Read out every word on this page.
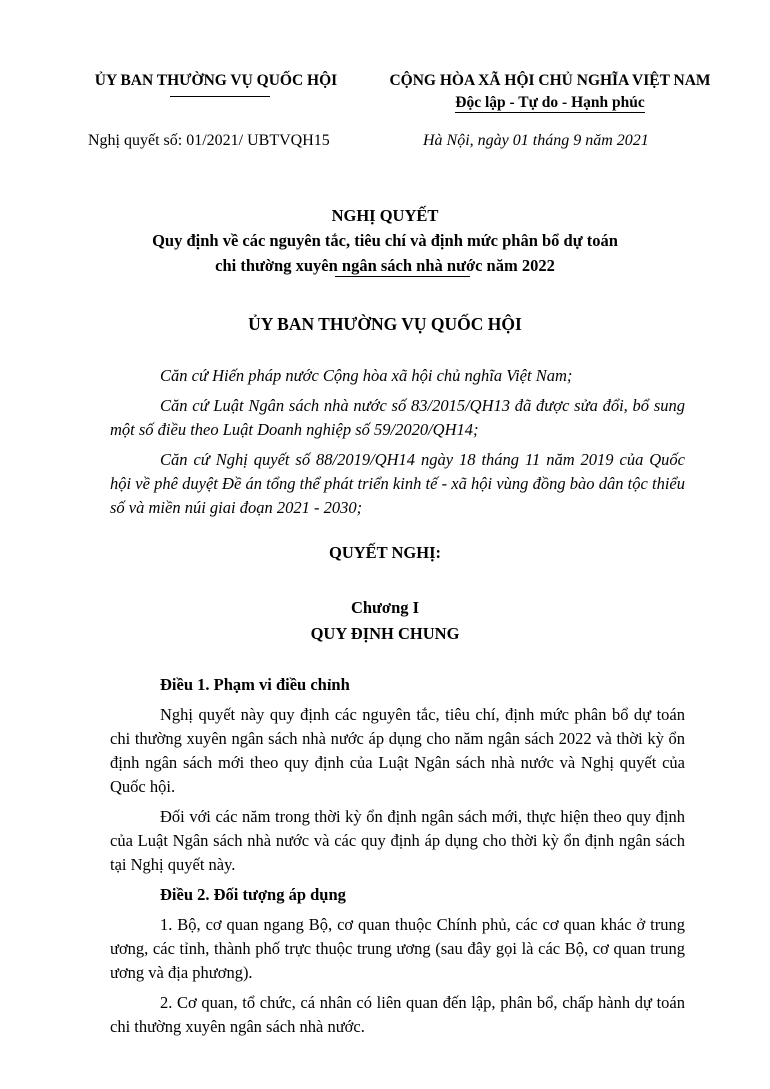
ỦY BAN THƯỜNG VỤ QUỐC HỘI	CỘNG HÒA XÃ HỘI CHỦ NGHĨA VIỆT NAM
Độc lập - Tự do - Hạnh phúc
Nghị quyết số: 01/2021/ UBTVQH15	Hà Nội, ngày 01 tháng 9 năm 2021
NGHỊ QUYẾT
Quy định về các nguyên tắc, tiêu chí và định mức phân bổ dự toán
chi thường xuyên ngân sách nhà nước năm 2022
ỦY BAN THƯỜNG VỤ QUỐC HỘI

Căn cứ Hiến pháp nước Cộng hòa xã hội chủ nghĩa Việt Nam;

Căn cứ Luật Ngân sách nhà nước số 83/2015/QH13 đã được sửa đổi, bổ sung một số điều theo Luật Doanh nghiệp số 59/2020/QH14;

Căn cứ Nghị quyết số 88/2019/QH14 ngày 18 tháng 11 năm 2019 của Quốc hội về phê duyệt Đề án tổng thể phát triển kinh tế - xã hội vùng đồng bào dân tộc thiểu số và miền núi giai đoạn 2021 - 2030;

QUYẾT NGHỊ:
Chương I
QUY ĐỊNH CHUNG

Điều 1. Phạm vi điều chỉnh

Nghị quyết này quy định các nguyên tắc, tiêu chí, định mức phân bổ dự toán chi thường xuyên ngân sách nhà nước áp dụng cho năm ngân sách 2022 và thời kỳ ổn định ngân sách mới theo quy định của Luật Ngân sách nhà nước và Nghị quyết của Quốc hội.

Đối với các năm trong thời kỳ ổn định ngân sách mới, thực hiện theo quy định của Luật Ngân sách nhà nước và các quy định áp dụng cho thời kỳ ổn định ngân sách tại Nghị quyết này.

Điều 2. Đối tượng áp dụng

1. Bộ, cơ quan ngang Bộ, cơ quan thuộc Chính phủ, các cơ quan khác ở trung ương, các tỉnh, thành phố trực thuộc trung ương (sau đây gọi là các Bộ, cơ quan trung ương và địa phương).

2. Cơ quan, tổ chức, cá nhân có liên quan đến lập, phân bổ, chấp hành dự toán chi thường xuyên ngân sách nhà nước.
